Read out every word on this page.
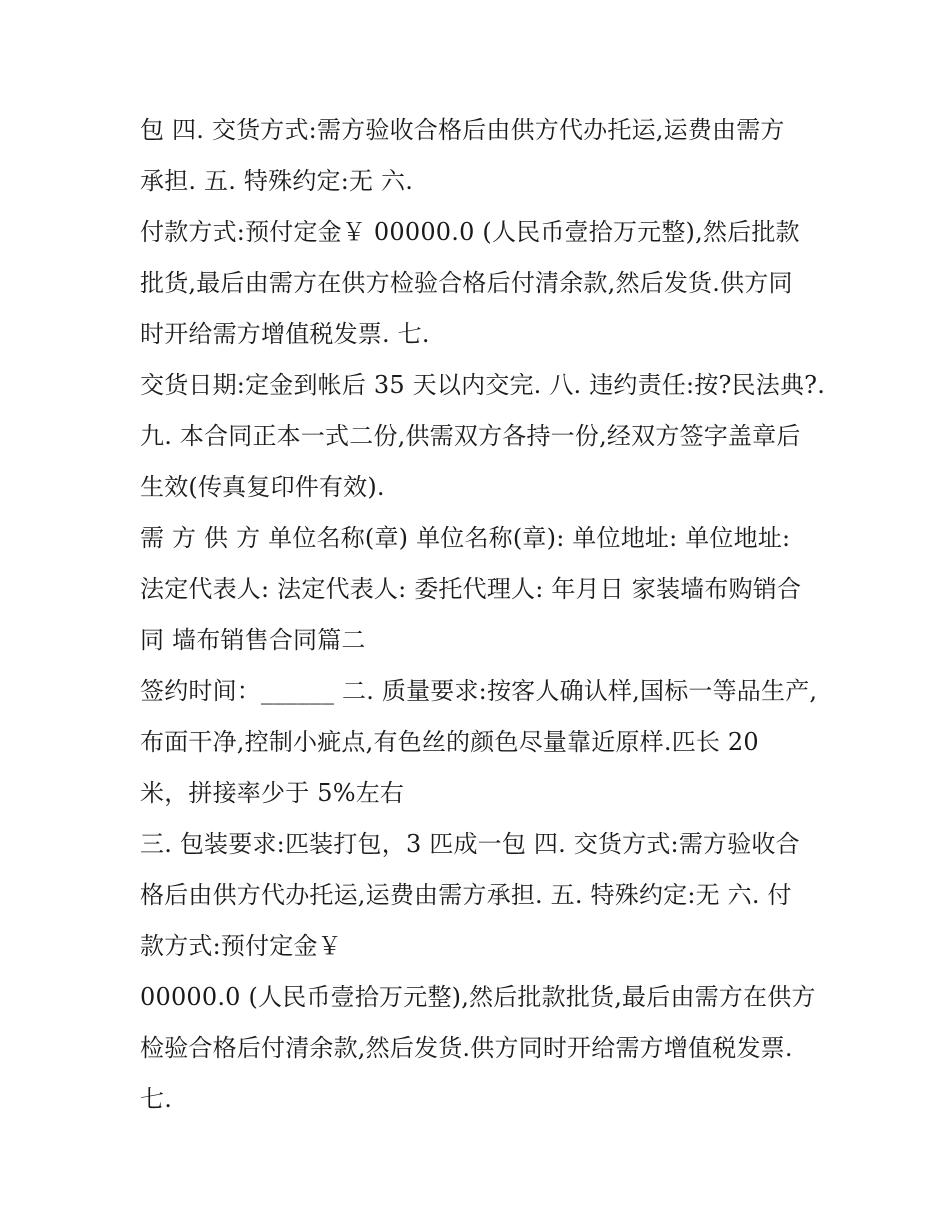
包 四. 交货方式:需方验收合格后由供方代办托运,运费由需方
承担. 五. 特殊约定:无 六.
付款方式:预付定金￥ 00000.0 (人民币壹拾万元整),然后批款
批货,最后由需方在供方检验合格后付清余款,然后发货.供方同
时开给需方增值税发票. 七.
交货日期:定金到帐后 35 天以内交完. 八. 违约责任:按?民法典?.
九. 本合同正本一式二份,供需双方各持一份,经双方签字盖章后
生效(传真复印件有效).
需 方 供 方 单位名称(章) 单位名称(章): 单位地址: 单位地址:
法定代表人: 法定代表人: 委托代理人: 年月日 家装墙布购销合
同 墙布销售合同篇二
签约时间：______ 二. 质量要求:按客人确认样,国标一等品生产,
布面干净,控制小疵点,有色丝的颜色尽量靠近原样.匹长 20
米，拼接率少于 5%左右
三. 包装要求:匹装打包，3 匹成一包 四. 交货方式:需方验收合
格后由供方代办托运,运费由需方承担. 五. 特殊约定:无 六. 付
款方式:预付定金￥
00000.0 (人民币壹拾万元整),然后批款批货,最后由需方在供方
检验合格后付清余款,然后发货.供方同时开给需方增值税发票.
七.
